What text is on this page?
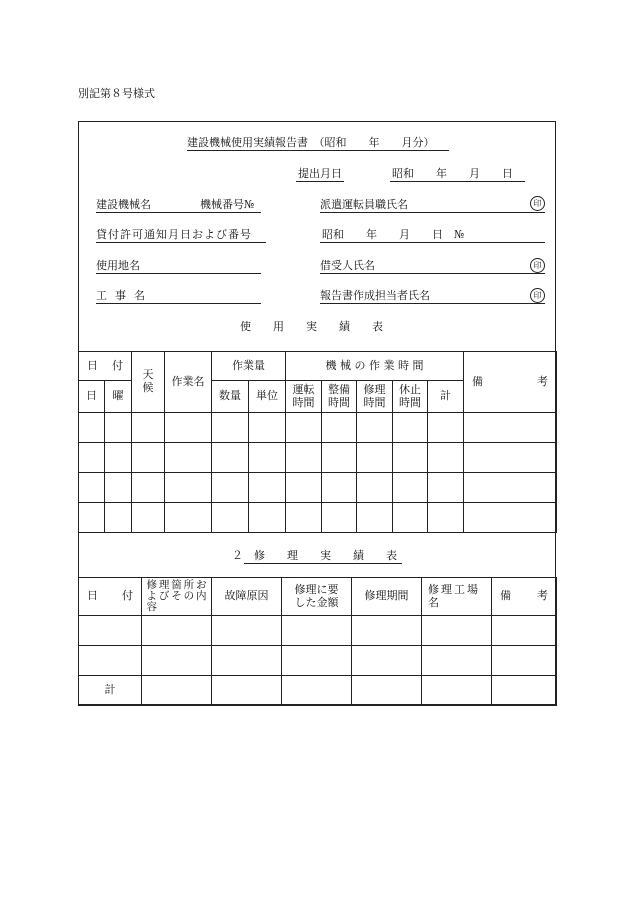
別記第８号様式
建設機械使用実績報告書　（昭和　　年　　月分）
提出月日	昭和　　年　　月　　日
建設機械名	機械番号№	派遣運転員職氏名	印
貸付許可通知月日および番号	昭和　　年　　月　　日　№
使用地名	借受人氏名	印
工事名	報告書作成担当者氏名	印
使　　用　　実　　績　　表
日 付		天候	作業名	作業量		機 械 の 作 業 時 間					備 考

日	曜			数量	単位	運転時間	整備時間	修理時間	休止時間	計	

２　修　　理　　実　　績　　表
日 付	修理箇所およびその内容	故障原因	修理に要した金額	修理期間	修理工場名	備 考

計						
